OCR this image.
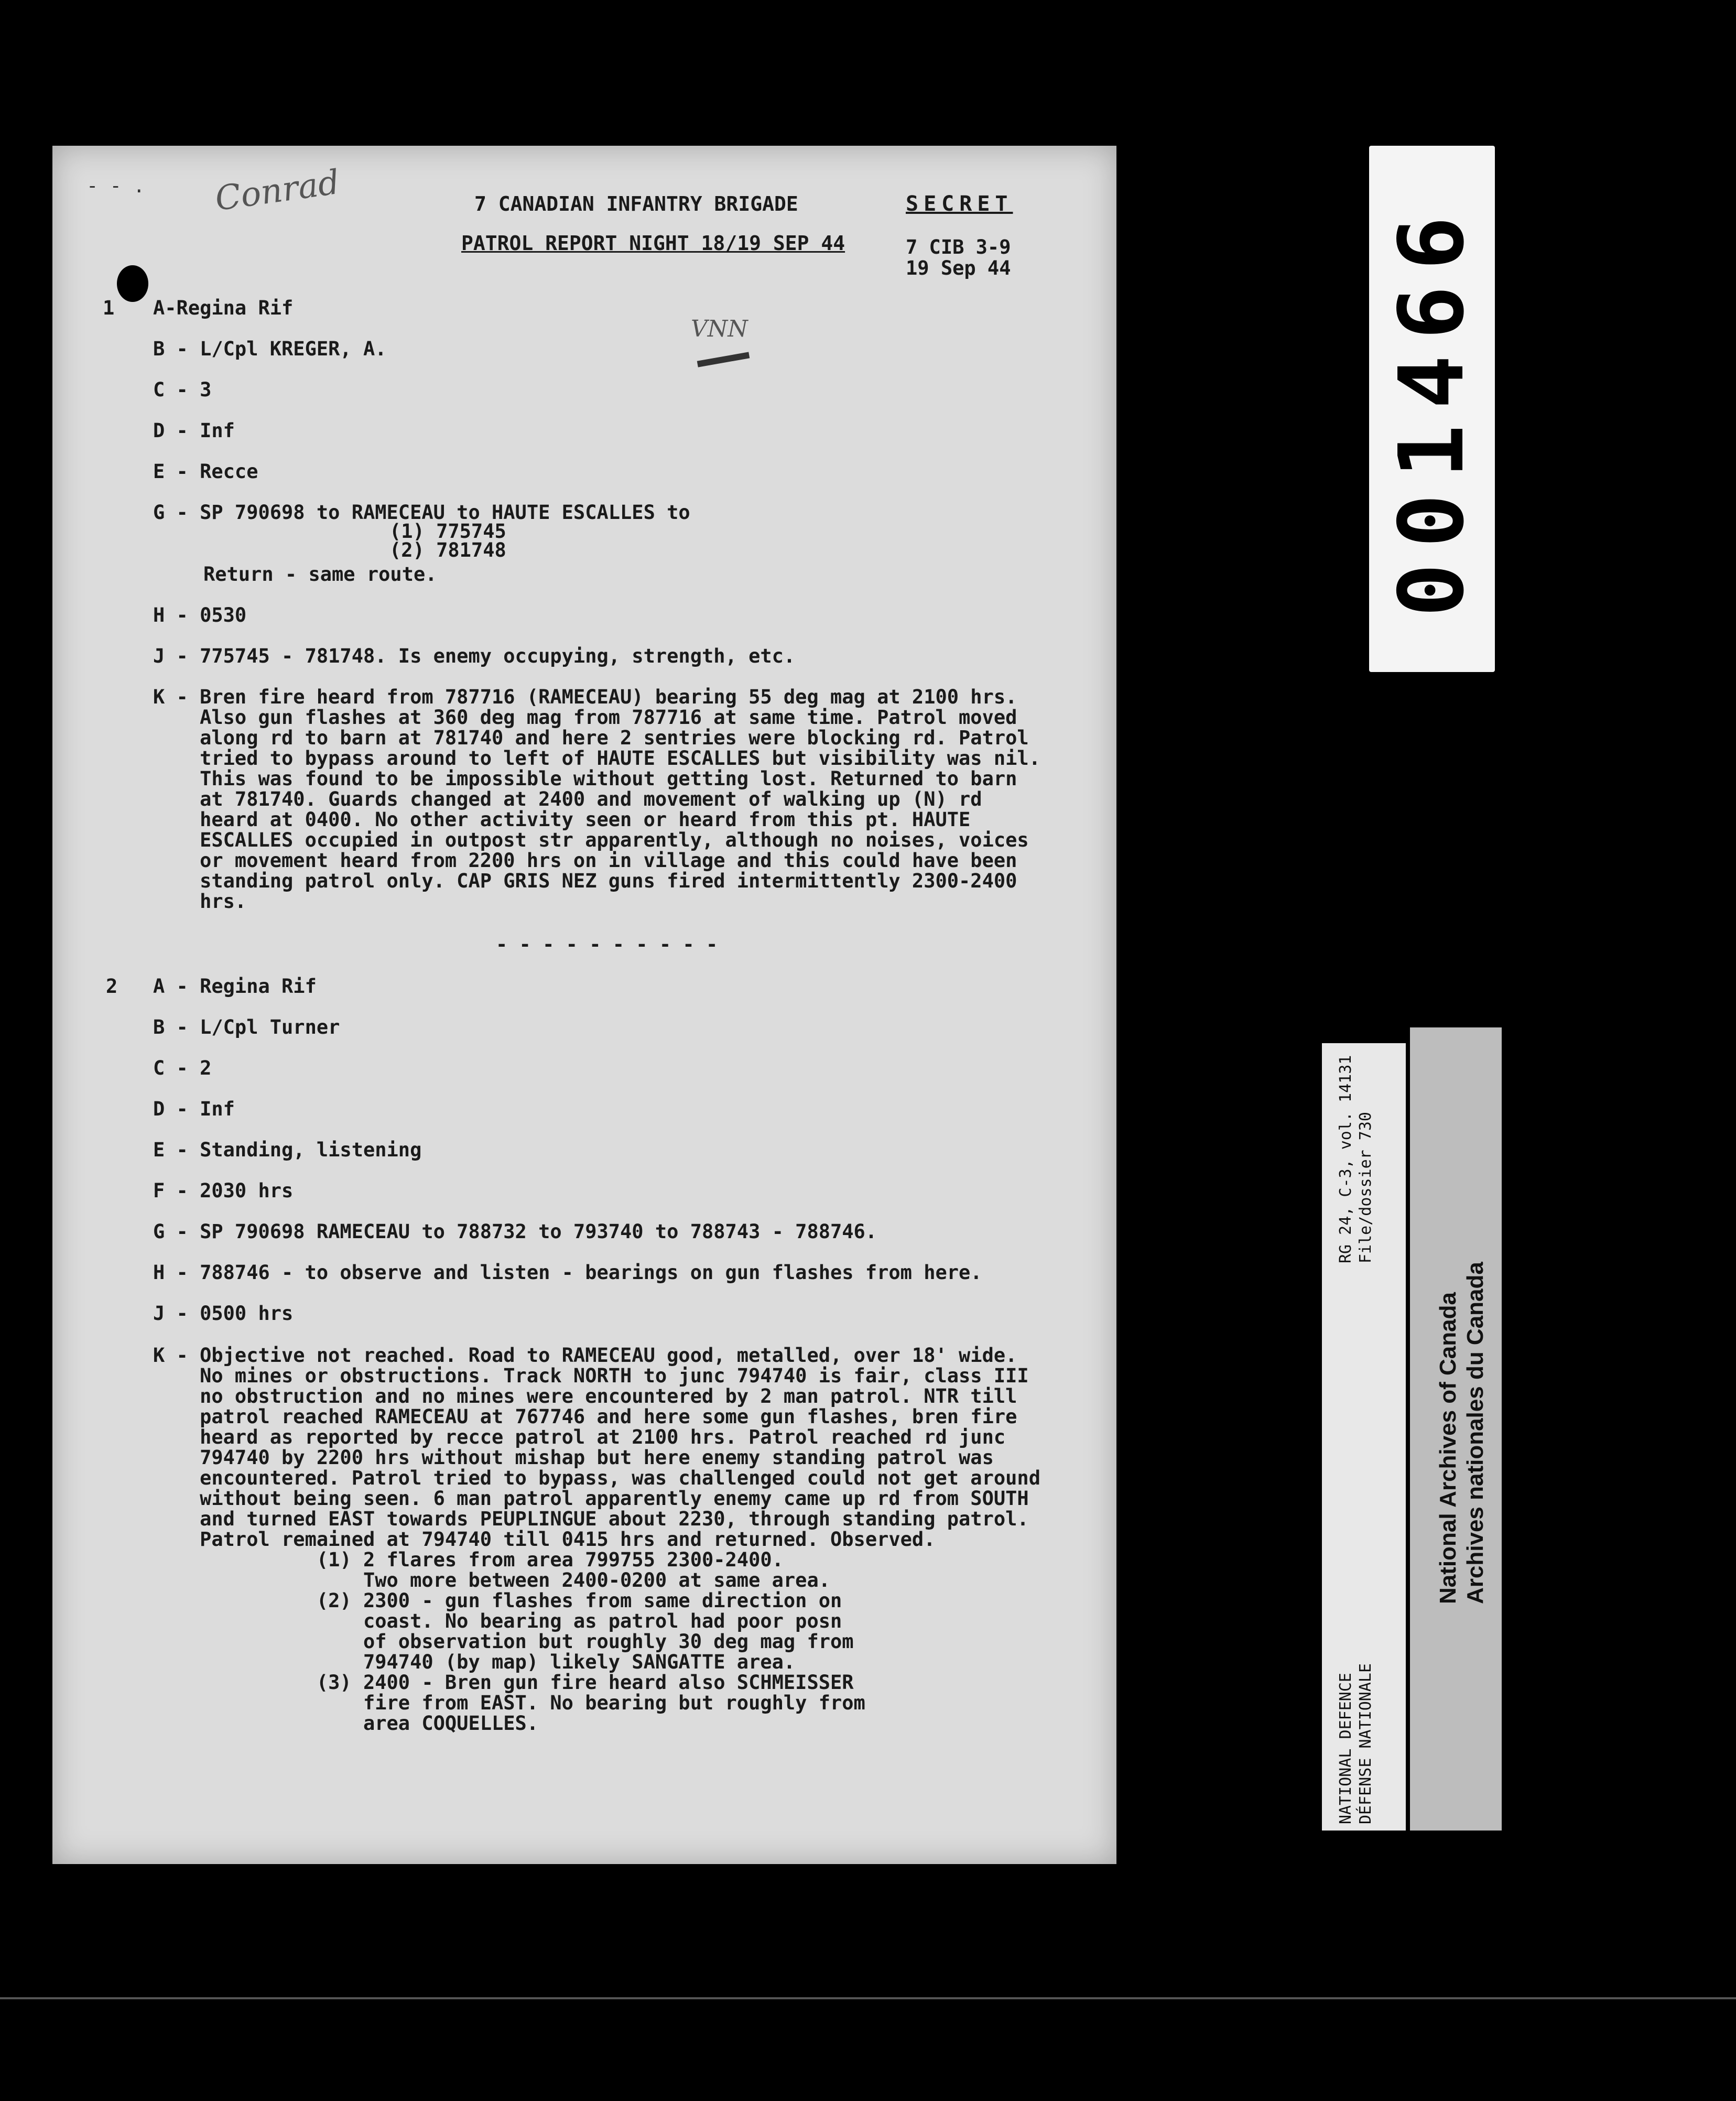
Conrad
- - .
7 CANADIAN INFANTRY BRIGADE	SECRET
PATROL REPORT NIGHT 18/19 SEP 44	7 CIB 3-9
19 Sep 44
VNN
1 A-Regina Rif
B - L/Cpl KREGER, A.
C - 3
D - Inf
E - Recce
G - SP 790698 to RAMECEAU to HAUTE ESCALLES to
(1) 775745
(2) 781748
Return - same route.
H - 0530
J - 775745 - 781748. Is enemy occupying, strength, etc.
K - Bren fire heard from 787716 (RAMECEAU) bearing 55 deg mag at 2100 hrs.
Also gun flashes at 360 deg mag from 787716 at same time. Patrol moved
along rd to barn at 781740 and here 2 sentries were blocking rd. Patrol
tried to bypass around to left of HAUTE ESCALLES but visibility was nil.
This was found to be impossible without getting lost. Returned to barn
at 781740. Guards changed at 2400 and movement of walking up (N) rd
heard at 0400. No other activity seen or heard from this pt. HAUTE
ESCALLES occupied in outpost str apparently, although no noises, voices
or movement heard from 2200 hrs on in village and this could have been
standing patrol only. CAP GRIS NEZ guns fired intermittently 2300-2400
hrs.
- - - - - - - - - -
2 A - Regina Rif
B - L/Cpl Turner
C - 2
D - Inf
E - Standing, listening
F - 2030 hrs
G - SP 790698 RAMECEAU to 788732 to 793740 to 788743 - 788746.
H - 788746 - to observe and listen - bearings on gun flashes from here.
J - 0500 hrs
K - Objective not reached. Road to RAMECEAU good, metalled, over 18' wide.
No mines or obstructions. Track NORTH to junc 794740 is fair, class III
no obstruction and no mines were encountered by 2 man patrol. NTR till
patrol reached RAMECEAU at 767746 and here some gun flashes, bren fire
heard as reported by recce patrol at 2100 hrs. Patrol reached rd junc
794740 by 2200 hrs without mishap but here enemy standing patrol was
encountered. Patrol tried to bypass, was challenged could not get around
without being seen. 6 man patrol apparently enemy came up rd from SOUTH
and turned EAST towards PEUPLINGUE about 2230, through standing patrol.
Patrol remained at 794740 till 0415 hrs and returned. Observed.
(1) 2 flares from area 799755 2300-2400.
Two more between 2400-0200 at same area.
(2) 2300 - gun flashes from same direction on
coast. No bearing as patrol had poor posn
of observation but roughly 30 deg mag from
794740 (by map) likely SANGATTE area.
(3) 2400 - Bren gun fire heard also SCHMEISSER
fire from EAST. No bearing but roughly from
area COQUELLES.
001466
RG 24, C-3, vol. 14131 File/dossier 730
NATIONAL DEFENCE DÉFENSE NATIONALE
National Archives of Canada Archives nationales du Canada
